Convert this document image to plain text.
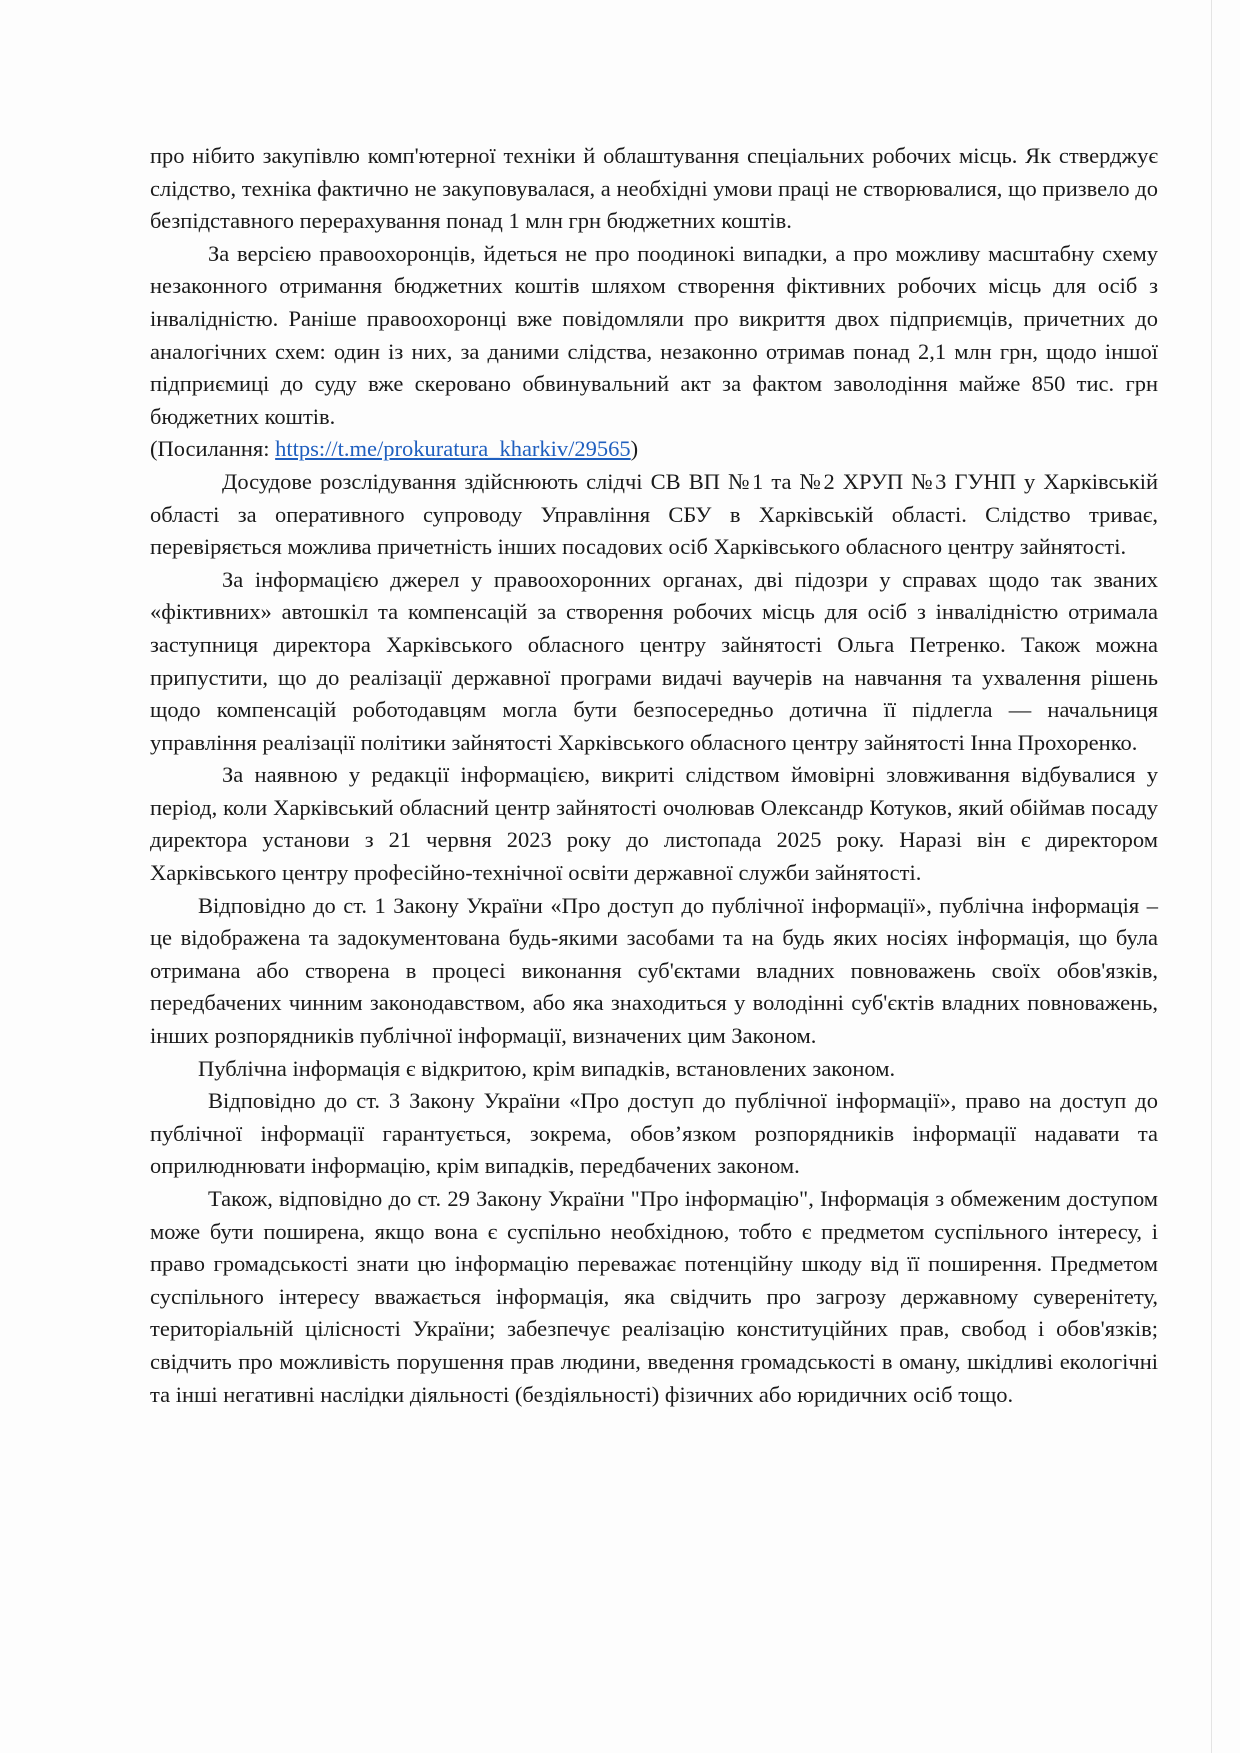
про нібито закупівлю комп'ютерної техніки й облаштування спеціальних робочих місць. Як стверджує слідство, техніка фактично не закуповувалася, а необхідні умови праці не створювалися, що призвело до безпідставного перерахування понад 1 млн грн бюджетних коштів.

За версією правоохоронців, йдеться не про поодинокі випадки, а про можливу масштабну схему незаконного отримання бюджетних коштів шляхом створення фіктивних робочих місць для осіб з інвалідністю. Раніше правоохоронці вже повідомляли про викриття двох підприємців, причетних до аналогічних схем: один із них, за даними слідства, незаконно отримав понад 2,1 млн грн, щодо іншої підприємиці до суду вже скеровано обвинувальний акт за фактом заволодіння майже 850 тис. грн бюджетних коштів.

(Посилання: https://t.me/prokuratura_kharkiv/29565)

Досудове розслідування здійснюють слідчі СВ ВП №1 та №2 ХРУП №3 ГУНП у Харківській області за оперативного супроводу Управління СБУ в Харківській області. Слідство триває, перевіряється можлива причетність інших посадових осіб Харківського обласного центру зайнятості.

За інформацією джерел у правоохоронних органах, дві підозри у справах щодо так званих «фіктивних» автошкіл та компенсацій за створення робочих місць для осіб з інвалідністю отримала заступниця директора Харківського обласного центру зайнятості Ольга Петренко. Також можна припустити, що до реалізації державної програми видачі ваучерів на навчання та ухвалення рішень щодо компенсацій роботодавцям могла бути безпосередньо дотична її підлегла — начальниця управління реалізації політики зайнятості Харківського обласного центру зайнятості Інна Прохоренко.

За наявною у редакції інформацією, викриті слідством ймовірні зловживання відбувалися у період, коли Харківський обласний центр зайнятості очолював Олександр Котуков, який обіймав посаду директора установи з 21 червня 2023 року до листопада 2025 року. Наразі він є директором Харківського центру професійно-технічної освіти державної служби зайнятості.

Відповідно до ст. 1 Закону України «Про доступ до публічної інформації», публічна інформація – це відображена та задокументована будь-якими засобами та на будь яких носіях інформація, що була отримана або створена в процесі виконання суб'єктами владних повноважень своїх обов'язків, передбачених чинним законодавством, або яка знаходиться у володінні суб'єктів владних повноважень, інших розпорядників публічної інформації, визначених цим Законом.

Публічна інформація є відкритою, крім випадків, встановлених законом.

Відповідно до ст. 3 Закону України «Про доступ до публічної інформації», право на доступ до публічної інформації гарантується, зокрема, обов’язком розпорядників інформації надавати та оприлюднювати інформацію, крім випадків, передбачених законом.

Також, відповідно до ст. 29 Закону України "Про інформацію", Інформація з обмеженим доступом може бути поширена, якщо вона є суспільно необхідною, тобто є предметом суспільного інтересу, і право громадськості знати цю інформацію переважає потенційну шкоду від її поширення. Предметом суспільного інтересу вважається інформація, яка свідчить про загрозу державному суверенітету, територіальній цілісності України; забезпечує реалізацію конституційних прав, свобод і обов'язків; свідчить про можливість порушення прав людини, введення громадськості в оману, шкідливі екологічні та інші негативні наслідки діяльності (бездіяльності) фізичних або юридичних осіб тощо.
